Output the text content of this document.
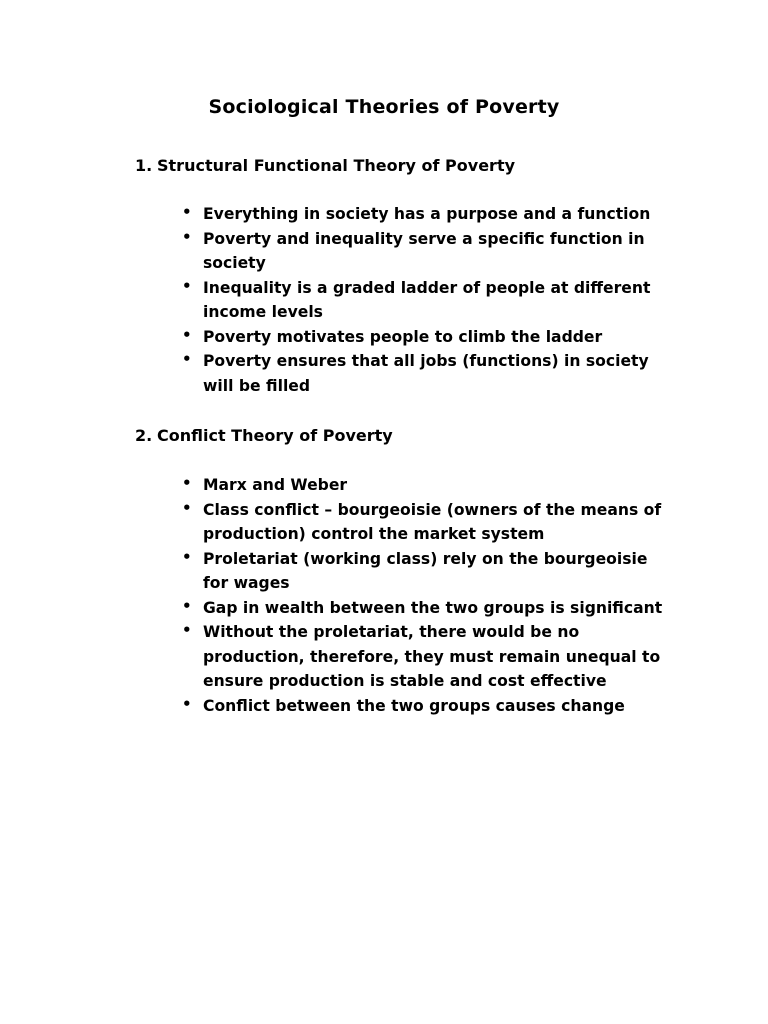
Sociological Theories of Poverty
1. Structural Functional Theory of Poverty
• Everything in society has a purpose and a function
• Poverty and inequality serve a specific function in society
• Inequality is a graded ladder of people at different income levels
• Poverty motivates people to climb the ladder
• Poverty ensures that all jobs (functions) in society will be filled
2. Conflict Theory of Poverty
• Marx and Weber
• Class conflict – bourgeoisie (owners of the means of production) control the market system
• Proletariat (working class) rely on the bourgeoisie for wages
• Gap in wealth between the two groups is significant
• Without the proletariat, there would be no production, therefore, they must remain unequal to ensure production is stable and cost effective
• Conflict between the two groups causes change
